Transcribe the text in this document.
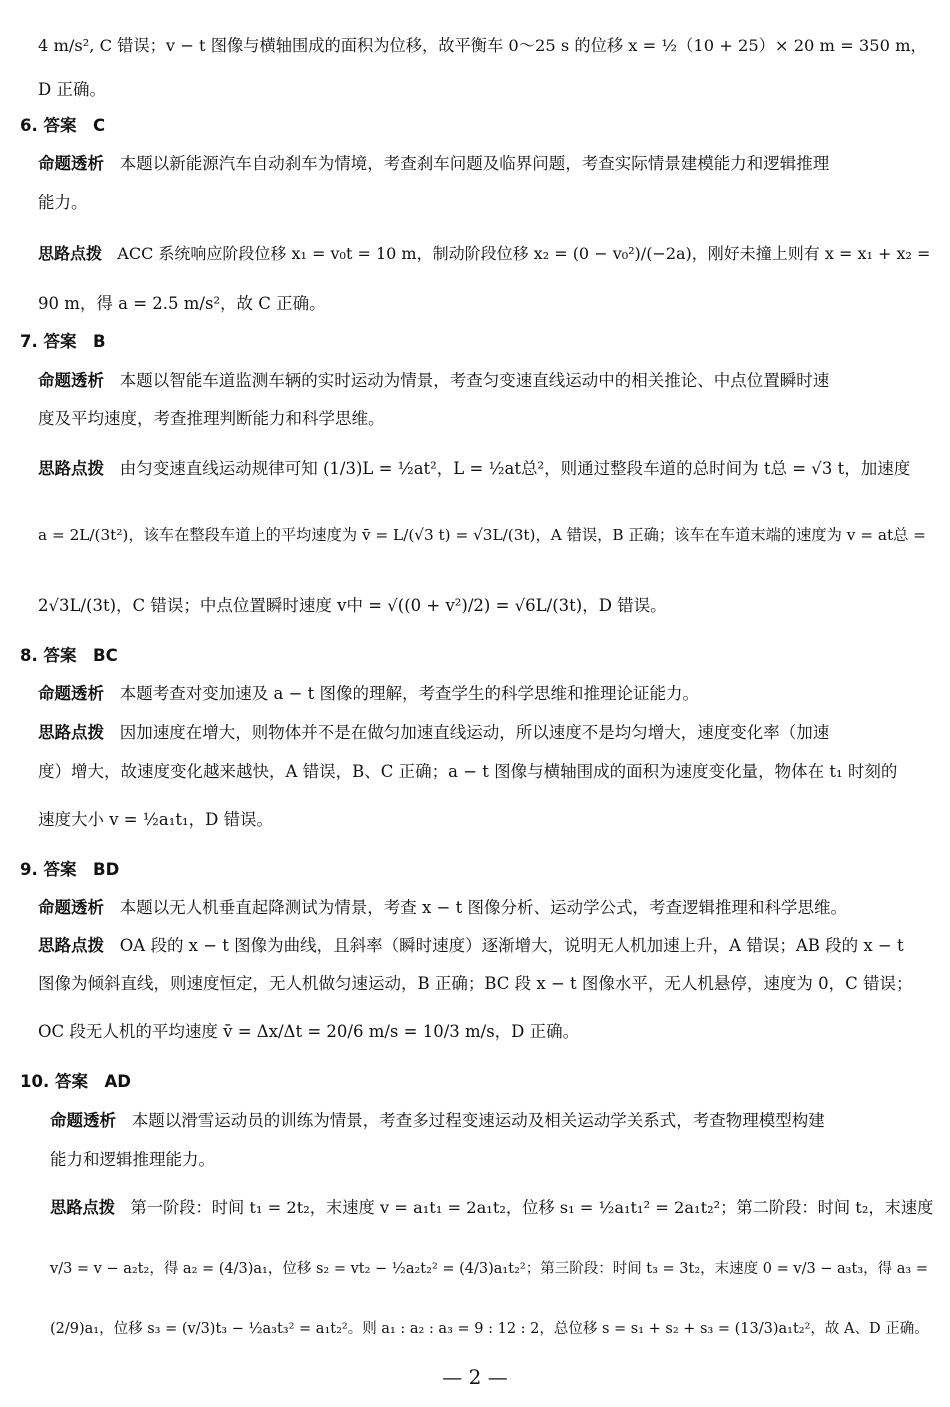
4 m/s², C 错误；v − t 图像与横轴围成的面积为位移，故平衡车 0～25 s 的位移 x = ½（10 + 25）× 20 m = 350 m，
D 正确。
6. 答案　C
命题透析 本题以新能源汽车自动刹车为情境，考查刹车问题及临界问题，考查实际情景建模能力和逻辑推理
能力。
思路点拨 ACC 系统响应阶段位移 x₁ = v₀t = 10 m，制动阶段位移 x₂ = (0 − v₀²)/(−2a)，刚好未撞上则有 x = x₁ + x₂ =
90 m，得 a = 2.5 m/s²，故 C 正确。
7. 答案　B
命题透析 本题以智能车道监测车辆的实时运动为情景，考查匀变速直线运动中的相关推论、中点位置瞬时速
度及平均速度，考查推理判断能力和科学思维。
思路点拨 由匀变速直线运动规律可知 (1/3)L = ½at²，L = ½at总²，则通过整段车道的总时间为 t总 = √3 t，加速度
a = 2L/(3t²)，该车在整段车道上的平均速度为 v̄ = L/(√3 t) = √3L/(3t)，A 错误，B 正确；该车在车道末端的速度为 v = at总 =
2√3L/(3t)，C 错误；中点位置瞬时速度 v中 = √((0 + v²)/2) = √6L/(3t)，D 错误。
8. 答案　BC
命题透析 本题考查对变加速及 a − t 图像的理解，考查学生的科学思维和推理论证能力。
思路点拨 因加速度在增大，则物体并不是在做匀加速直线运动，所以速度不是均匀增大，速度变化率（加速
度）增大，故速度变化越来越快，A 错误，B、C 正确；a − t 图像与横轴围成的面积为速度变化量，物体在 t₁ 时刻的
速度大小 v = ½a₁t₁，D 错误。
9. 答案　BD
命题透析 本题以无人机垂直起降测试为情景，考查 x − t 图像分析、运动学公式，考查逻辑推理和科学思维。
思路点拨 OA 段的 x − t 图像为曲线，且斜率（瞬时速度）逐渐增大，说明无人机加速上升，A 错误；AB 段的 x − t
图像为倾斜直线，则速度恒定，无人机做匀速运动，B 正确；BC 段 x − t 图像水平，无人机悬停，速度为 0，C 错误；
OC 段无人机的平均速度 v̄ = Δx/Δt = 20/6 m/s = 10/3 m/s，D 正确。
10. 答案　AD
命题透析 本题以滑雪运动员的训练为情景，考查多过程变速运动及相关运动学关系式，考查物理模型构建
能力和逻辑推理能力。
思路点拨 第一阶段：时间 t₁ = 2t₂，末速度 v = a₁t₁ = 2a₁t₂，位移 s₁ = ½a₁t₁² = 2a₁t₂²；第二阶段：时间 t₂，末速度
v/3 = v − a₂t₂，得 a₂ = (4/3)a₁，位移 s₂ = vt₂ − ½a₂t₂² = (4/3)a₁t₂²；第三阶段：时间 t₃ = 3t₂，末速度 0 = v/3 − a₃t₃，得 a₃ =
(2/9)a₁，位移 s₃ = (v/3)t₃ − ½a₃t₃² = a₁t₂²。则 a₁ : a₂ : a₃ = 9 : 12 : 2，总位移 s = s₁ + s₂ + s₃ = (13/3)a₁t₂²，故 A、D 正确。
— 2 —
